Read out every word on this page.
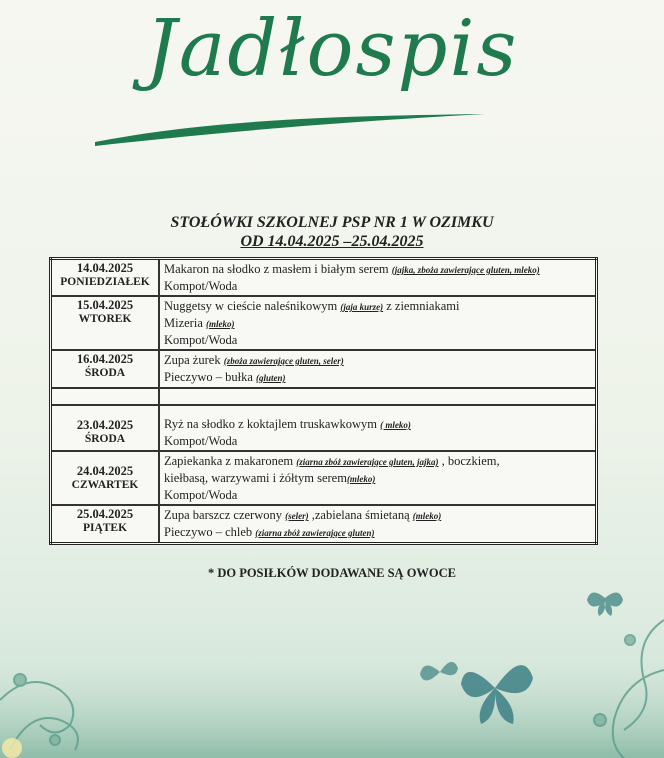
Jadłospis
STOŁÓWKI SZKOLNEJ PSP NR 1 W OZIMKU
OD 14.04.2025 –25.04.2025
14.04.2025
PONIEDZIAŁEK	Makaron na słodko z masłem i białym serem (jajka, zboża zawierające gluten, mleko)
Kompot/Woda

15.04.2025
WTOREK	Nuggetsy w cieście naleśnikowym (jaja kurze) z ziemniakami
Mizeria (mleko)
Kompot/Woda

16.04.2025
ŚRODA	Zupa żurek (zboża zawierające gluten, seler)
Pieczywo – bułka (gluten)

23.04.2025
ŚRODA	Ryż na słodko z koktajlem truskawkowym ( mleko)
Kompot/Woda

24.04.2025
CZWARTEK	Zapiekanka z makaronem (ziarna zbóż zawierające gluten, jajka) , boczkiem,
kiełbasą, warzywami i żółtym serem(mleko)
Kompot/Woda

25.04.2025
PIĄTEK	Zupa barszcz czerwony (seler) ,zabielana śmietaną (mleko)
Pieczywo – chleb (ziarna zbóż zawierające gluten)
* DO POSIŁKÓW DODAWANE SĄ OWOCE
